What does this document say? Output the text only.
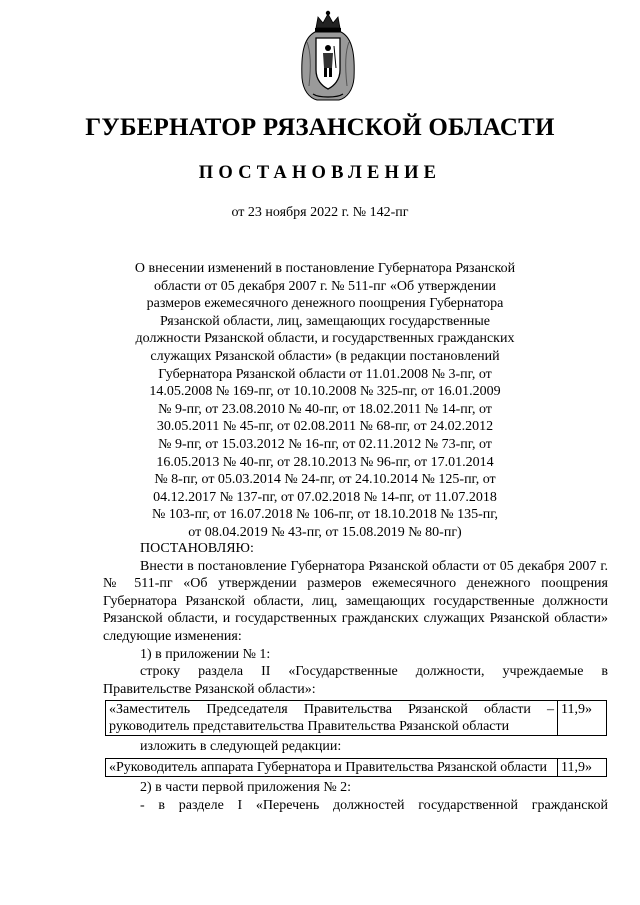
ГУБЕРНАТОР РЯЗАНСКОЙ ОБЛАСТИ
ПОСТАНОВЛЕНИЕ
от 23 ноября 2022 г. № 142-пг
О внесении изменений в постановление Губернатора Рязанской
области от 05 декабря 2007 г. № 511-пг «Об утверждении
размеров ежемесячного денежного поощрения Губернатора
Рязанской области, лиц, замещающих государственные
должности Рязанской области, и государственных гражданских
служащих Рязанской области» (в редакции постановлений
Губернатора Рязанской области от 11.01.2008 № 3-пг, от
14.05.2008 № 169-пг, от 10.10.2008 № 325-пг, от 16.01.2009
№ 9-пг, от 23.08.2010 № 40-пг, от 18.02.2011 № 14-пг, от
30.05.2011 № 45-пг, от 02.08.2011 № 68-пг, от 24.02.2012
№ 9-пг, от 15.03.2012 № 16-пг, от 02.11.2012 № 73-пг, от
16.05.2013 № 40-пг, от 28.10.2013 № 96-пг, от 17.01.2014
№ 8-пг, от 05.03.2014 № 24-пг, от 24.10.2014 № 125-пг, от
04.12.2017 № 137-пг, от 07.02.2018 № 14-пг, от 11.07.2018
№ 103-пг, от 16.07.2018 № 106-пг, от 18.10.2018 № 135-пг,
от 08.04.2019 № 43-пг, от 15.08.2019 № 80-пг)

ПОСТАНОВЛЯЮ:

Внести в постановление Губернатора Рязанской области от 05 декабря 2007 г. № 511-пг «Об утверждении размеров ежемесячного денежного поощрения Губернатора Рязанской области, лиц, замещающих государственные должности Рязанской области, и государственных гражданских служащих Рязанской области» следующие изменения:

1) в приложении № 1:

строку раздела II «Государственные должности, учреждаемые в Правительстве Рязанской области»:

«Заместитель Председателя Правительства Рязанской области – руководитель представительства Правительства Рязанской области	11,9»

изложить в следующей редакции:

«Руководитель аппарата Губернатора и Правительства Рязанской области	11,9»

2) в части первой приложения № 2:

- в разделе I «Перечень должностей государственной гражданской
